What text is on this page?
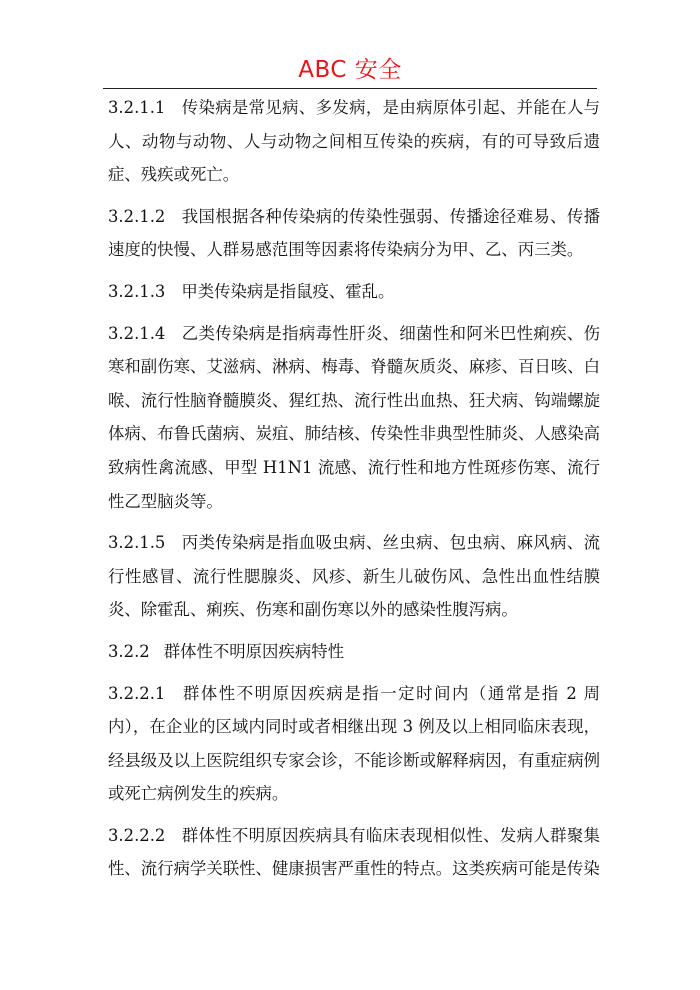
ABC 安全

3.2.1.1 传染病是常见病、多发病，是由病原体引起、并能在人与人、动物与动物、人与动物之间相互传染的疾病，有的可导致后遗症、残疾或死亡。

3.2.1.2 我国根据各种传染病的传染性强弱、传播途径难易、传播速度的快慢、人群易感范围等因素将传染病分为甲、乙、丙三类。

3.2.1.3 甲类传染病是指鼠疫、霍乱。

3.2.1.4 乙类传染病是指病毒性肝炎、细菌性和阿米巴性痢疾、伤寒和副伤寒、艾滋病、淋病、梅毒、脊髓灰质炎、麻疹、百日咳、白喉、流行性脑脊髓膜炎、猩红热、流行性出血热、狂犬病、钩端螺旋体病、布鲁氏菌病、炭疽、肺结核、传染性非典型性肺炎、人感染高致病性禽流感、甲型 H1N1 流感、流行性和地方性斑疹伤寒、流行性乙型脑炎等。

3.2.1.5 丙类传染病是指血吸虫病、丝虫病、包虫病、麻风病、流行性感冒、流行性腮腺炎、风疹、新生儿破伤风、急性出血性结膜炎、除霍乱、痢疾、伤寒和副伤寒以外的感染性腹泻病。

3.2.2 群体性不明原因疾病特性

3.2.2.1 群体性不明原因疾病是指一定时间内（通常是指 2 周内），在企业的区域内同时或者相继出现 3 例及以上相同临床表现，经县级及以上医院组织专家会诊，不能诊断或解释病因，有重症病例或死亡病例发生的疾病。

3.2.2.2 群体性不明原因疾病具有临床表现相似性、发病人群聚集性、流行病学关联性、健康损害严重性的特点。这类疾病可能是传染
